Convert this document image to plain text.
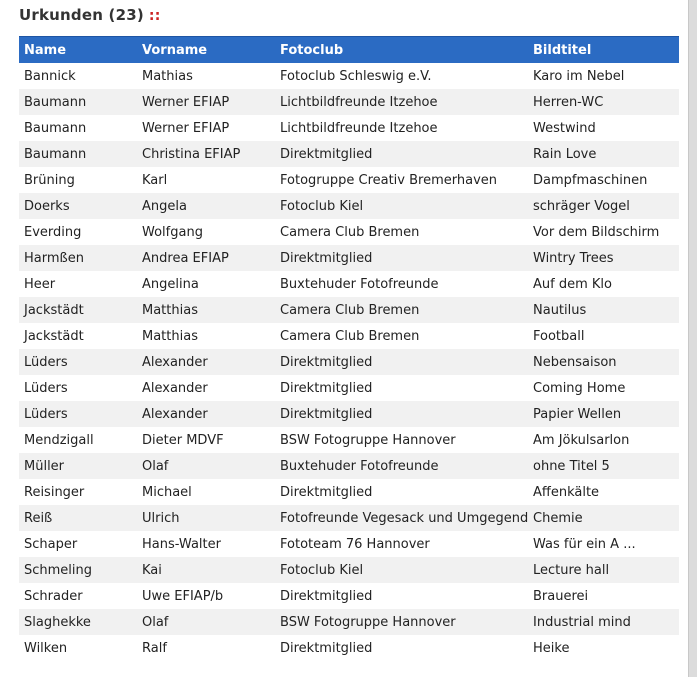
Urkunden (23) ::
Name	Vorname	Fotoclub	Bildtitel
Bannick	Mathias	Fotoclub Schleswig e.V.	Karo im Nebel
Baumann	Werner EFIAP	Lichtbildfreunde Itzehoe	Herren-WC
Baumann	Werner EFIAP	Lichtbildfreunde Itzehoe	Westwind
Baumann	Christina EFIAP	Direktmitglied	Rain Love
Brüning	Karl	Fotogruppe Creativ Bremerhaven	Dampfmaschinen
Doerks	Angela	Fotoclub Kiel	schräger Vogel
Everding	Wolfgang	Camera Club Bremen	Vor dem Bildschirm
Harmßen	Andrea EFIAP	Direktmitglied	Wintry Trees
Heer	Angelina	Buxtehuder Fotofreunde	Auf dem Klo
Jackstädt	Matthias	Camera Club Bremen	Nautilus
Jackstädt	Matthias	Camera Club Bremen	Football
Lüders	Alexander	Direktmitglied	Nebensaison
Lüders	Alexander	Direktmitglied	Coming Home
Lüders	Alexander	Direktmitglied	Papier Wellen
Mendzigall	Dieter MDVF	BSW Fotogruppe Hannover	Am Jökulsarlon
Müller	Olaf	Buxtehuder Fotofreunde	ohne Titel 5
Reisinger	Michael	Direktmitglied	Affenkälte
Reiß	Ulrich	Fotofreunde Vegesack und Umgegend	Chemie
Schaper	Hans-Walter	Fototeam 76 Hannover	Was für ein A ...
Schmeling	Kai	Fotoclub Kiel	Lecture hall
Schrader	Uwe EFIAP/b	Direktmitglied	Brauerei
Slaghekke	Olaf	BSW Fotogruppe Hannover	Industrial mind
Wilken	Ralf	Direktmitglied	Heike
